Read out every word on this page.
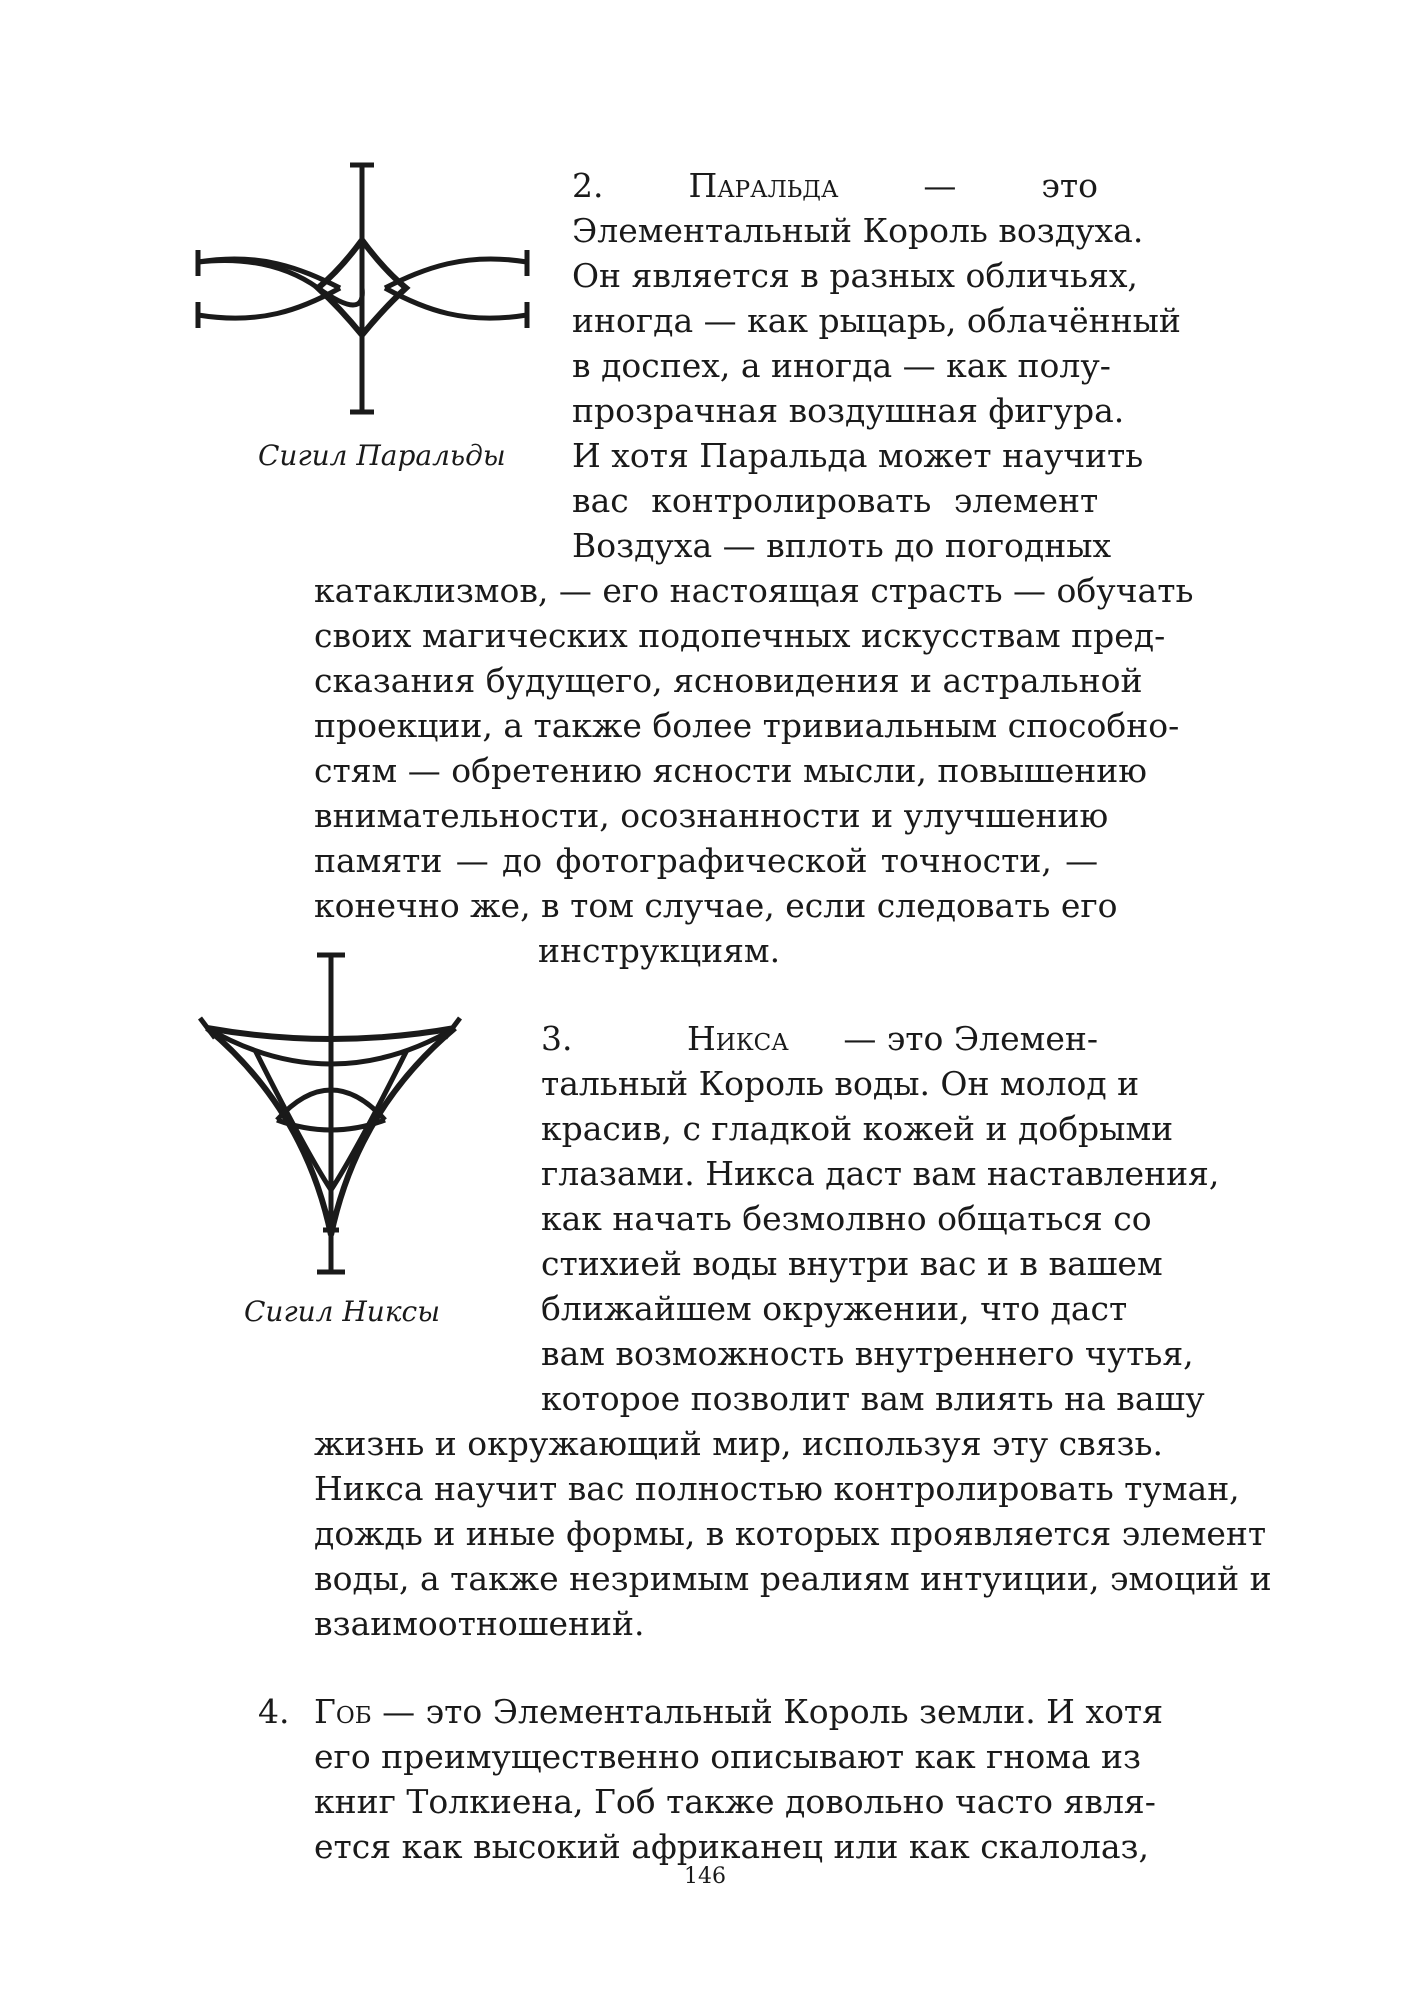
Сигил Паральды
2.	Паральда	—	это
Элементальный Король воздуха.
Он является в разных обличьях,
иногда — как рыцарь, облачённый
в доспех, а иногда — как полу-
прозрачная воздушная фигура.
И хотя Паральда может научить
вас контролировать элемент
Воздуха — вплоть до погодных
катаклизмов, — его настоящая страсть — обучать
своих магических подопечных искусствам пред-
сказания будущего, ясновидения и астральной
проекции, а также более тривиальным способно-
стям — обретению ясности мысли, повышению
внимательности, осознанности и улучшению
памяти — до фотографической точности, —
конечно же, в том случае, если следовать его
инструкциям.
Сигил Никсы
3.	Никса — это Элемен-
тальный Король воды. Он молод и
красив, с гладкой кожей и добрыми
глазами. Никса даст вам наставления,
как начать безмолвно общаться со
стихией воды внутри вас и в вашем
ближайшем окружении, что даст
вам возможность внутреннего чутья,
которое позволит вам влиять на вашу
жизнь и окружающий мир, используя эту связь.
Никса научит вас полностью контролировать туман,
дождь и иные формы, в которых проявляется элемент
воды, а также незримым реалиям интуиции, эмоций и
взаимоотношений.
4. Гоб — это Элементальный Король земли. И хотя
его преимущественно описывают как гнома из
книг Толкиена, Гоб также довольно часто явля-
ется как высокий африканец или как скалолаз,
146
